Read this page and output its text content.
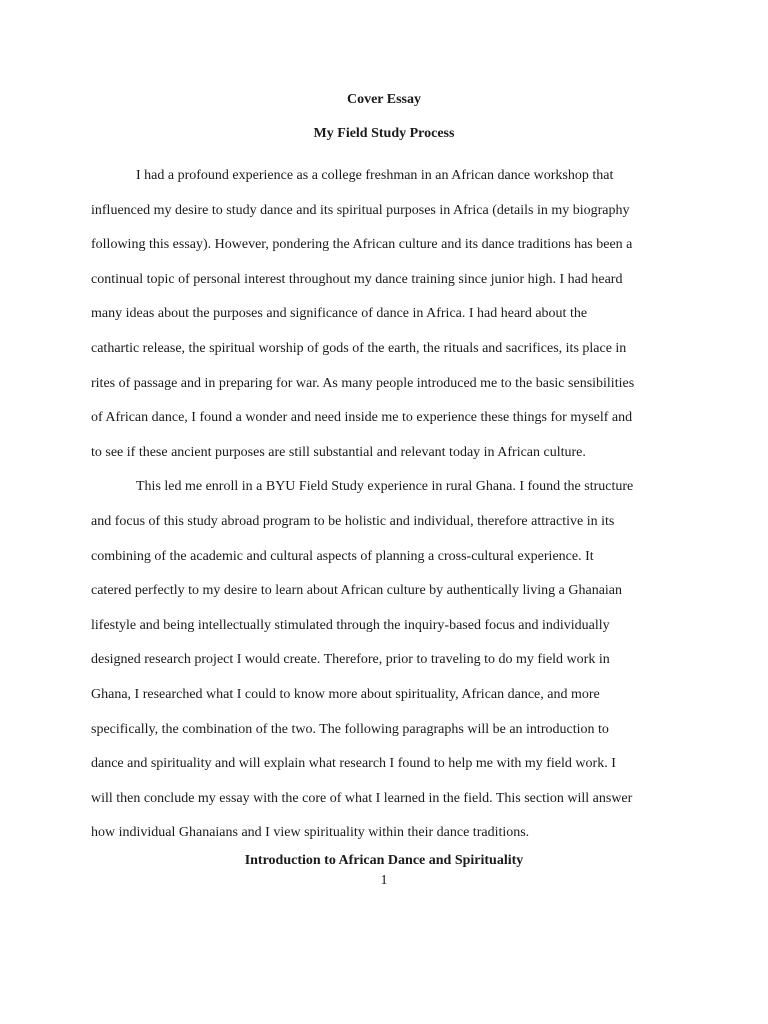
Cover Essay
My Field Study Process
I had a profound experience as a college freshman in an African dance workshop that
influenced my desire to study dance and its spiritual purposes in Africa (details in my biography
following this essay). However, pondering the African culture and its dance traditions has been a
continual topic of personal interest throughout my dance training since junior high. I had heard
many ideas about the purposes and significance of dance in Africa. I had heard about the
cathartic release, the spiritual worship of gods of the earth, the rituals and sacrifices, its place in
rites of passage and in preparing for war. As many people introduced me to the basic sensibilities
of African dance, I found a wonder and need inside me to experience these things for myself and
to see if these ancient purposes are still substantial and relevant today in African culture.
This led me enroll in a BYU Field Study experience in rural Ghana. I found the structure
and focus of this study abroad program to be holistic and individual, therefore attractive in its
combining of the academic and cultural aspects of planning a cross-cultural experience. It
catered perfectly to my desire to learn about African culture by authentically living a Ghanaian
lifestyle and being intellectually stimulated through the inquiry-based focus and individually
designed research project I would create. Therefore, prior to traveling to do my field work in
Ghana, I researched what I could to know more about spirituality, African dance, and more
specifically, the combination of the two. The following paragraphs will be an introduction to
dance and spirituality and will explain what research I found to help me with my field work. I
will then conclude my essay with the core of what I learned in the field. This section will answer
how individual Ghanaians and I view spirituality within their dance traditions.
Introduction to African Dance and Spirituality
1
